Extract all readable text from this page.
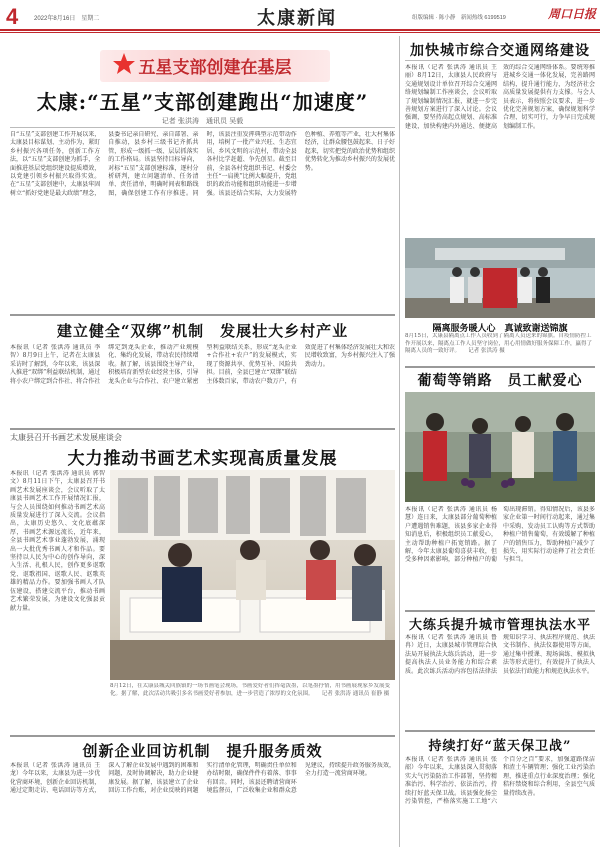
4	2022年8月16日　星期二	太康新闻	组版编辑 · 陈小静　新闻热线 6199519	周口日报
五星支部创建在基层
太康:“五星”支部创建跑出“加速度”
记者 张洪涛　通讯员 吴毅
自“五星”支部创建工作开展以来，太康县目标谋划、主动作为，紧盯乡村振兴各项任务，创新工作方法，以“五星”支部创建为抓手，全面推进基层党组织建设提质增效，以党建引领乡村振兴取得实效。在“五星”支部创建中，太康县牢固树立“抓好党建是最大政绩”理念，县委书记亲自研究、亲自部署、亲自推动，县乡村三级书记齐抓共管，形成一级抓一级、层层抓落实的工作格局。该县坚持目标导向，对标“五星”支部创建标准，逐村分析研判，建立问题清单、任务清单、责任清单，明确时间表和路线图，确保创建工作有序推进。同时，该县注重发挥典型示范带动作用，培树了一批产业兴旺、生态宜居、乡风文明的示范村，带动全县各村比学赶超、争先创星。截至目前，全县各村党组织书记、村委会主任“一肩挑”比例大幅提升，党组织的政治功能和组织功能进一步增强。该县还结合实际，大力发展特色种植、养殖等产业，壮大村集体经济，让群众腰包鼓起来、日子好起来，切实把党的政治优势和组织优势转化为推动乡村振兴的发展优势。
建立健全“双绑”机制　发展壮大乡村产业
本报讯（记者 张洪涛 通讯员 李智）8月9日上午，记者在太康县采访时了解到，今年以来，该县深入推进“双绑”利益联结机制，通过将小农户绑定到合作社、将合作社绑定到龙头企业，推动产业规模化、集约化发展，带动农民持续增收。据了解，该县围绕主导产业，积极培育新型农业经营主体，引导龙头企业与合作社、农户建立紧密型利益联结关系，形成“龙头企业+合作社+农户”的发展模式，实现了资源共享、优势互补、风险共担。目前，全县已建立“双绑”联结主体数百家，带动农户数万户，有效促进了村集体经济发展壮大和农民增收致富，为乡村振兴注入了强劲动力。
太康县召开书画艺术发展座谈会
大力推动书画艺术实现高质量发展
本报讯（记者 张洪涛 通讯员 郭智文）8月11日下午，太康县召开书画艺术发展座谈会，会议听取了太康县书画艺术工作开展情况汇报，与会人员围绕如何推动书画艺术高质量发展进行了深入交流。会议指出，太康历史悠久、文化底蕴深厚，书画艺术源远流长，近年来，全县书画艺术事业蓬勃发展，涌现出一大批优秀书画人才和作品。要坚持以人民为中心的创作导向，深入生活、扎根人民，创作更多讴歌党、讴歌祖国、讴歌人民、讴歌英雄的精品力作。要加强书画人才队伍建设，搭建交流平台，推动书画艺术繁荣发展，为建设文化强县贡献力量。
8月12日，在太康县城关回族镇的一场书画笔会现场，书画爱好者们挥毫泼墨，以笔墨抒情，用书画展现家乡发展变化。据了解，此次活动共吸引多名书画爱好者参加，进一步营造了浓厚的文化氛围。　　记者 张洪涛 通讯员 崔静 摄
创新企业回访机制　提升服务质效
本报讯（记者 张洪涛 通讯员 王龙）今年以来，太康县为进一步优化营商环境，创新企业回访机制，通过定期走访、电话回访等方式，深入了解企业发展中遇到的困难和问题，及时协调解决，助力企业健康发展。据了解，该县建立了企业回访工作台账，对企业反映的问题实行清单化管理，明确责任单位和办结时限，确保件件有着落、事事有回音。同时，该县还聘请营商环境监督员，广泛收集企业和群众意见建议，持续提升政务服务质效，全力打造一流营商环境。
加快城市综合交通网络建设
本报讯（记者 张洪涛 通讯员 王丽）8月12日，太康县人民政府与交通规划设计单位召开综合交通网络规划编制工作座谈会，会议听取了规划编制情况汇报，就进一步完善规划方案进行了深入讨论。会议强调，要坚持高起点规划、高标准建设，加快构建内外通达、便捷高效的综合交通网络体系。要统筹推进城乡交通一体化发展，完善路网结构，提升通行能力，为经济社会高质量发展提供有力支撑。与会人员表示，将按照会议要求，进一步优化完善规划方案，确保规划科学合理、切实可行，力争早日完成规划编制工作。
隔离服务暖人心　真诚致谢送锦旗
8月15日，太康县隔离点工作人员收到了隔离人员送来的锦旗。自疫情防控工作开展以来，隔离点工作人员坚守岗位，用心用情做好服务保障工作，赢得了隔离人员的一致好评。　　记者 张洪涛 摄
葡萄等销路　员工献爱心
本报讯（记者 张洪涛 通讯员 杨慧）连日来，太康县部分葡萄种植户遭遇销售难题，该县多家企业得知消息后，积极组织员工献爱心，主动帮助种植户拓宽销路。据了解，今年太康县葡萄喜获丰收，但受多种因素影响，部分种植户的葡萄出现滞销。得知情况后，该县多家企业第一时间行动起来，通过集中采购、发动员工认购等方式帮助种植户销售葡萄，有效缓解了种植户的销售压力，帮助种植户减少了损失，用实际行动诠释了社会责任与担当。
大练兵提升城市管理执法水平
本报讯（记者 张洪涛 通讯员 鲁冉）近日，太康县城市管理综合执法局开展执法大练兵活动，进一步提高执法人员业务能力和综合素质。此次练兵活动内容包括法律法规知识学习、执法程序规范、执法文书制作、执法仪器使用等方面，通过集中授课、现场演练、模拟执法等形式进行，有效提升了执法人员依法行政能力和规范执法水平。
持续打好“蓝天保卫战”
本报讯（记者 张洪涛 通讯员 张韶）今年以来，太康县深入贯彻落实大气污染防治工作部署，坚持精准治污、科学治污、依法治污，持续打好蓝天保卫战。该县强化扬尘污染管控，严格落实施工工地“六个百分之百”要求，加强道路保洁和渣土车辆管理；强化工业污染治理，推进重点行业深度治理；强化秸秆禁烧和综合利用，全县空气质量持续改善。
